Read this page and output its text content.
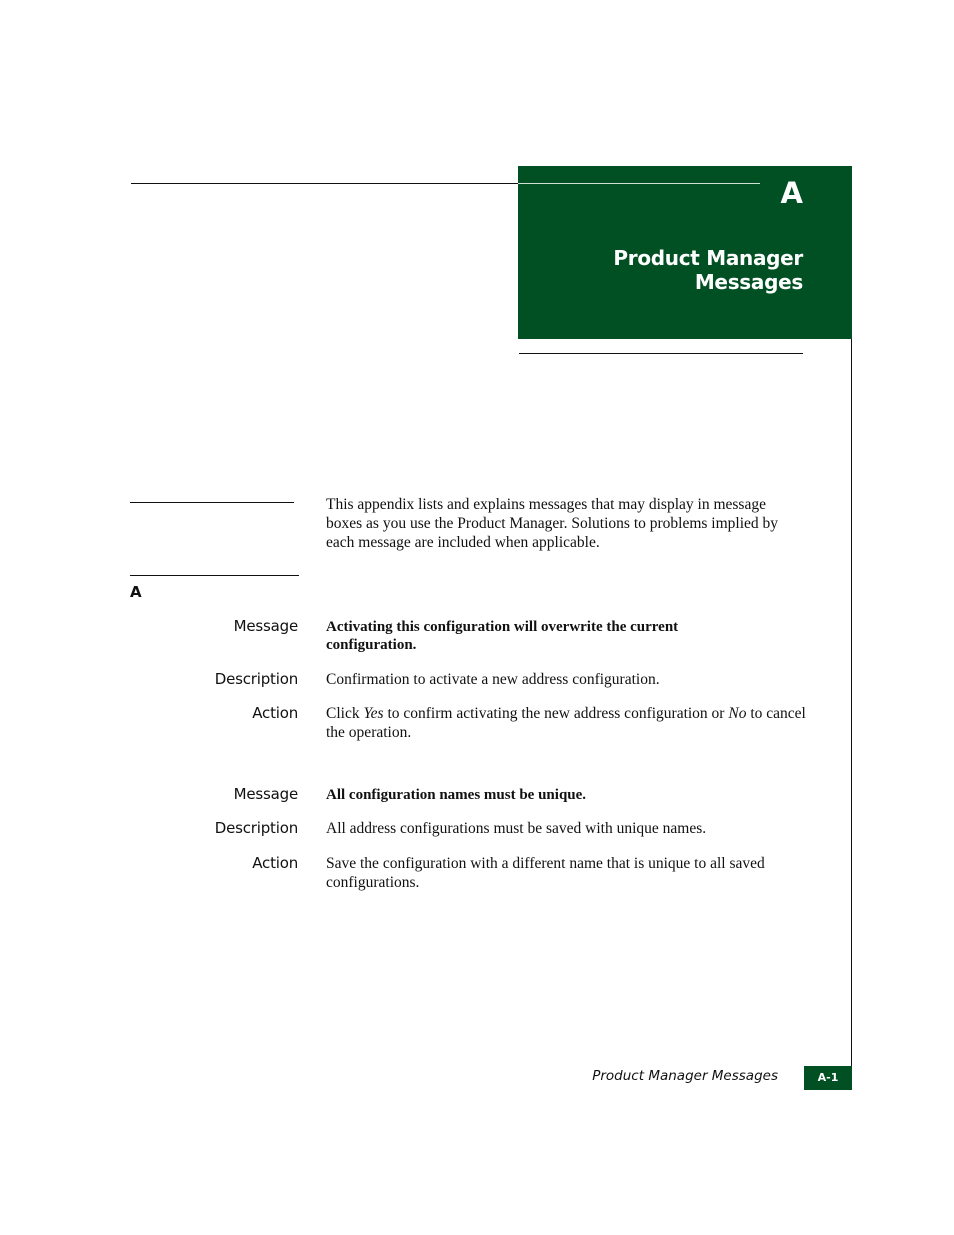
A
Product Manager
Messages
This appendix lists and explains messages that may display in message boxes as you use the Product Manager. Solutions to problems implied by each message are included when applicable.
A
Message Activating this configuration will overwrite the current configuration.
Description Confirmation to activate a new address configuration.
Action Click Yes to confirm activating the new address configuration or No to cancel the operation.
Message All configuration names must be unique.
Description All address configurations must be saved with unique names.
Action Save the configuration with a different name that is unique to all saved configurations.
Product Manager Messages	A-1
